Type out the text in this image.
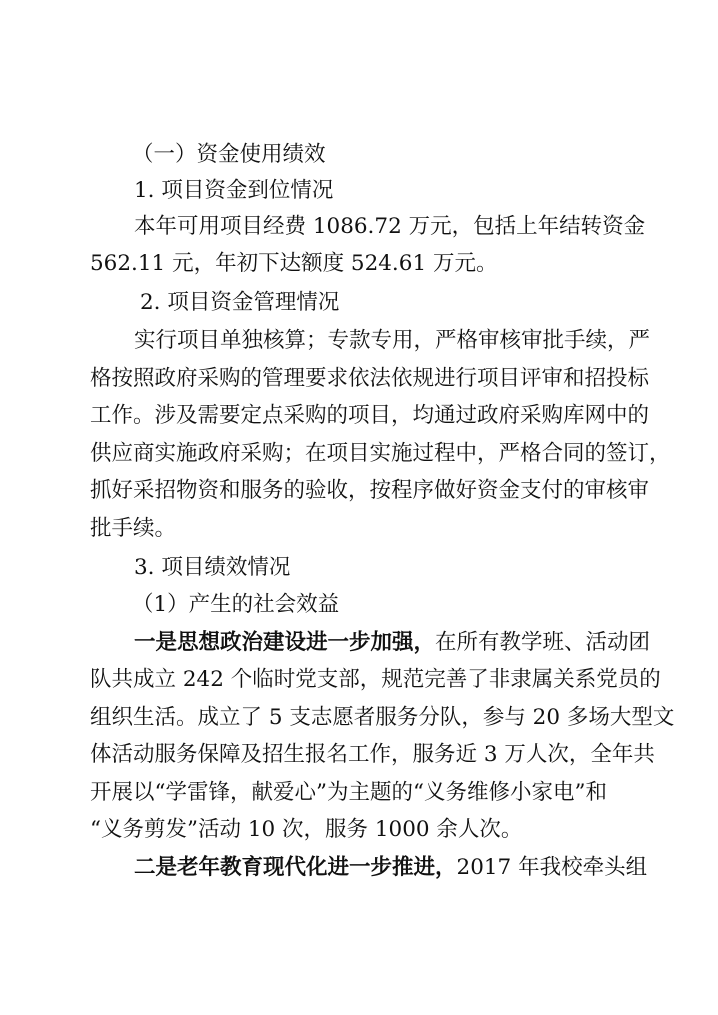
（一）资金使用绩效
1. 项目资金到位情况
本年可用项目经费 1086.72 万元，包括上年结转资金
562.11 元，年初下达额度 524.61 万元。
2. 项目资金管理情况
实行项目单独核算；专款专用，严格审核审批手续，严
格按照政府采购的管理要求依法依规进行项目评审和招投标
工作。涉及需要定点采购的项目，均通过政府采购库网中的
供应商实施政府采购；在项目实施过程中，严格合同的签订，
抓好采招物资和服务的验收，按程序做好资金支付的审核审
批手续。
3. 项目绩效情况
（1）产生的社会效益
一是思想政治建设进一步加强，在所有教学班、活动团
队共成立 242 个临时党支部，规范完善了非隶属关系党员的
组织生活。成立了 5 支志愿者服务分队，参与 20 多场大型文
体活动服务保障及招生报名工作，服务近 3 万人次，全年共
开展以“学雷锋，献爱心”为主题的“义务维修小家电”和
“义务剪发”活动 10 次，服务 1000 余人次。
二是老年教育现代化进一步推进，2017 年我校牵头组
